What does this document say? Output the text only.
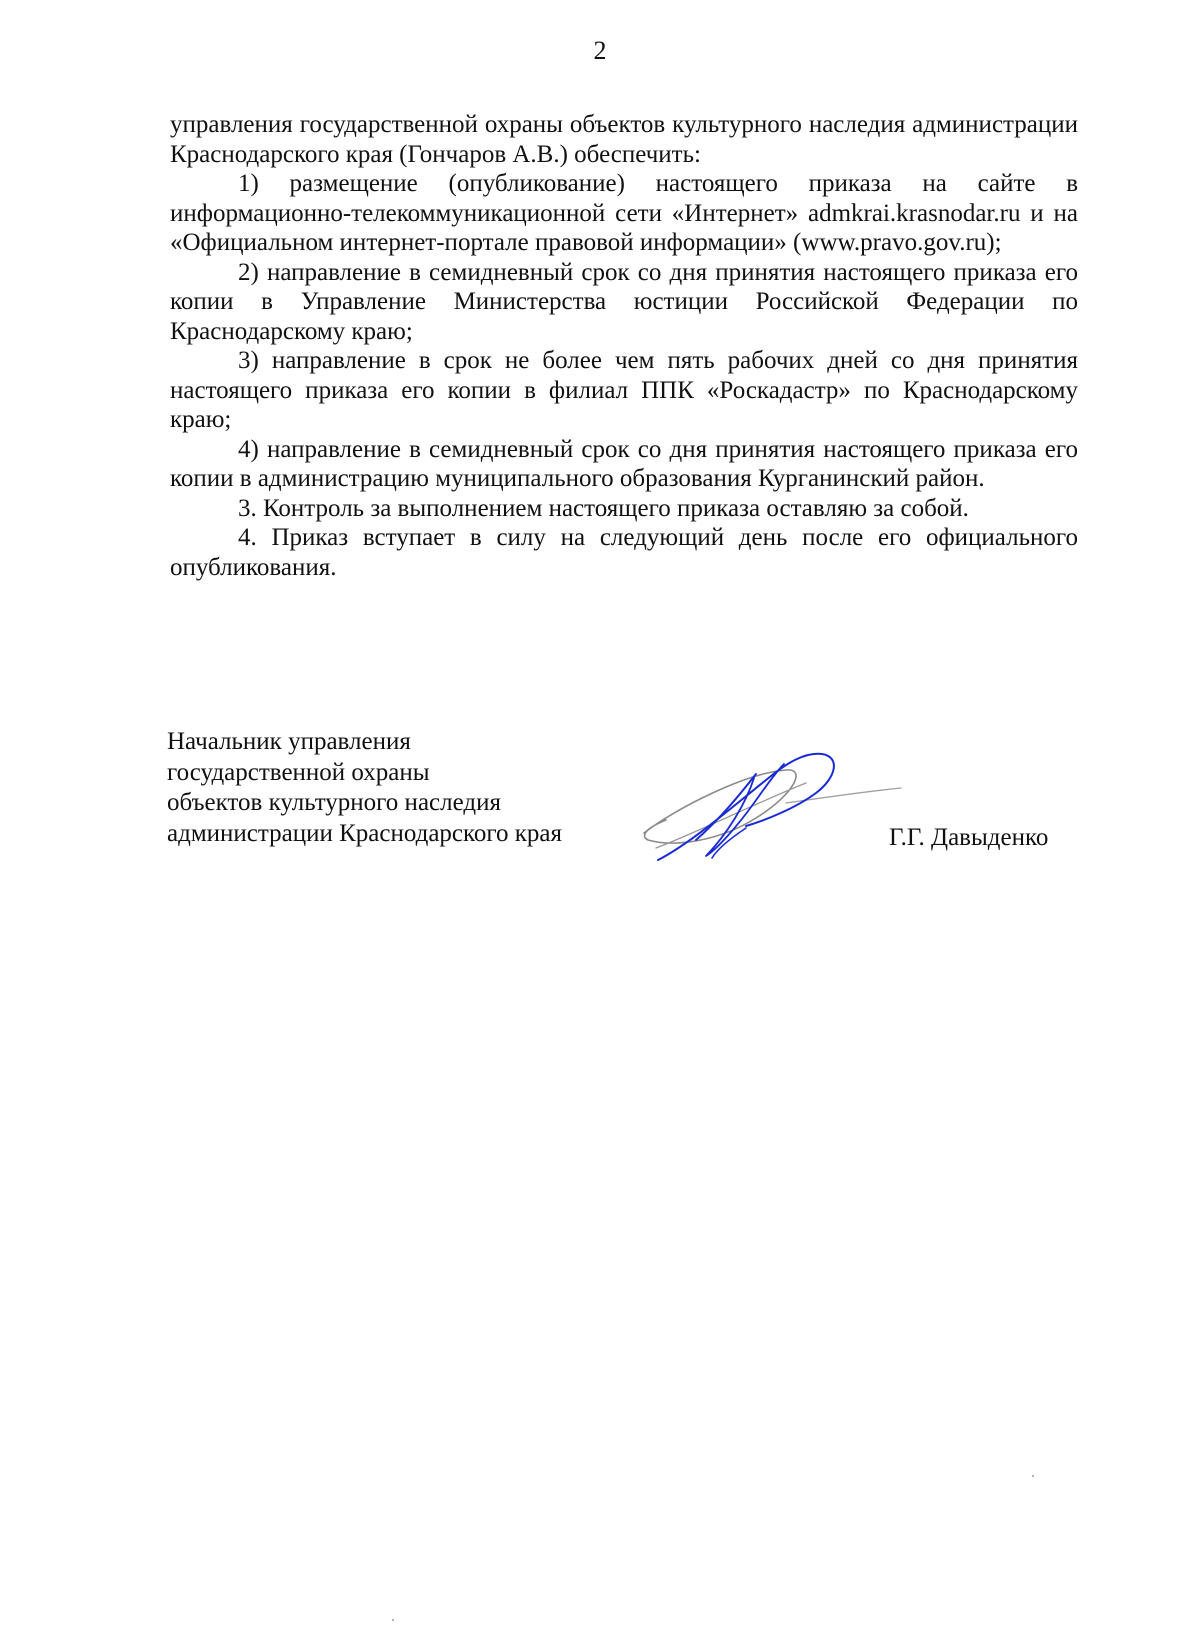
2

управления государственной охраны объектов культурного наследия администрации Краснодарского края (Гончаров А.В.) обеспечить:

1) размещение (опубликование) настоящего приказа на сайте в информационно-телекоммуникационной сети «Интернет» admkrai.krasnodar.ru и на «Официальном интернет-портале правовой информации» (www.pravo.gov.ru);

2) направление в семидневный срок со дня принятия настоящего приказа его копии в Управление Министерства юстиции Российской Федерации по Краснодарскому краю;

3) направление в срок не более чем пять рабочих дней со дня принятия настоящего приказа его копии в филиал ППК «Роскадастр» по Краснодарскому краю;

4) направление в семидневный срок со дня принятия настоящего приказа его копии в администрацию муниципального образования Курганинский район.

3. Контроль за выполнением настоящего приказа оставляю за собой.

4. Приказ вступает в силу на следующий день после его официального опубликования.

Начальник управления
государственной охраны
объектов культурного наследия
администрации Краснодарского края	Г.Г. Давыденко
